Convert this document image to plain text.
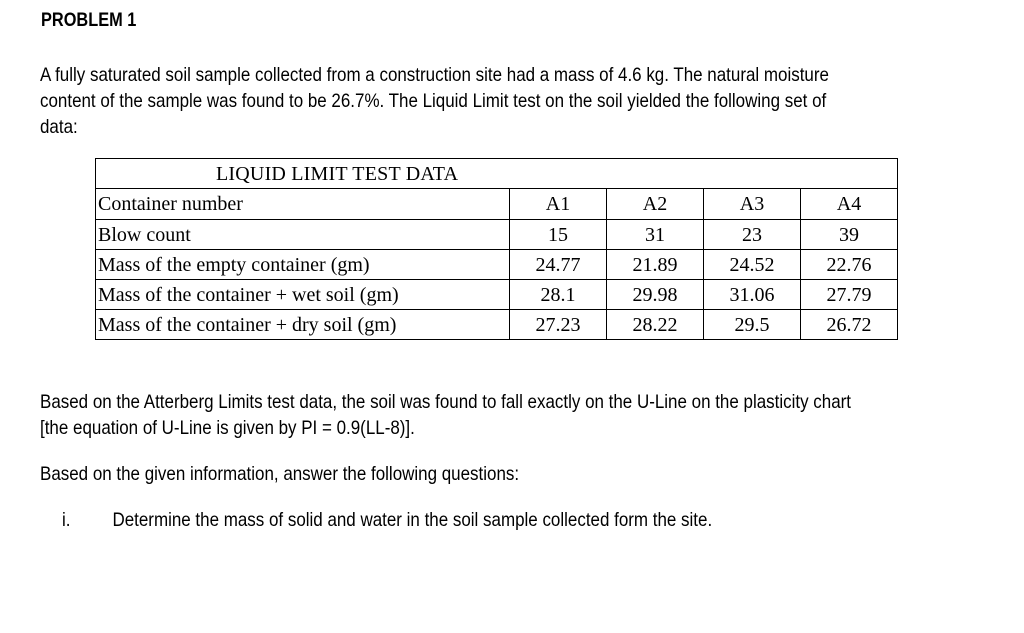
PROBLEM 1
A fully saturated soil sample collected from a construction site had a mass of 4.6 kg. The natural moisture
content of the sample was found to be 26.7%. The Liquid Limit test on the soil yielded the following set of
data:
LIQUID LIMIT TEST DATA				
Container number	A1	A2	A3	A4
Blow count	15	31	23	39
Mass of the empty container (gm)	24.77	21.89	24.52	22.76
Mass of the container + wet soil (gm)	28.1	29.98	31.06	27.79
Mass of the container + dry soil (gm)	27.23	28.22	29.5	26.72
Based on the Atterberg Limits test data, the soil was found to fall exactly on the U-Line on the plasticity chart
[the equation of U-Line is given by PI = 0.9(LL-8)].
Based on the given information, answer the following questions:
i. Determine the mass of solid and water in the soil sample collected form the site.
